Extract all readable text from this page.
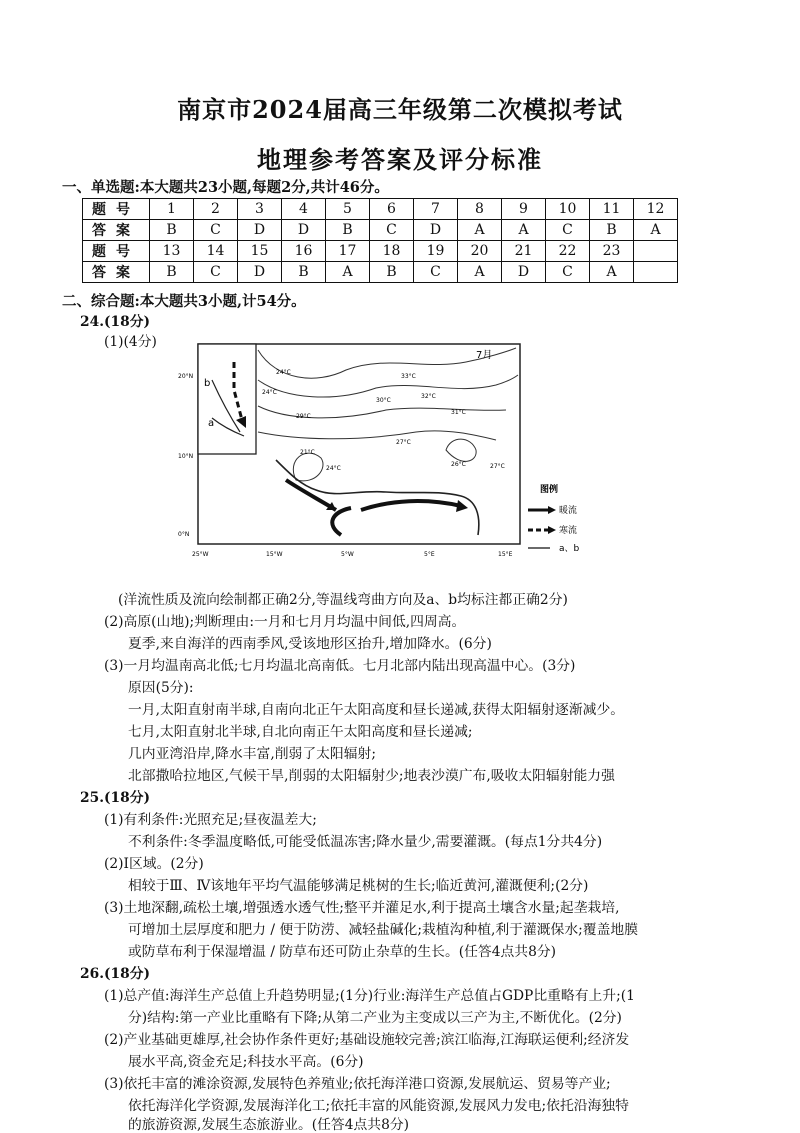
南京市2024届高三年级第二次模拟考试
地理参考答案及评分标准
一、单选题:本大题共23小题,每题2分,共计46分。
题号	1	2	3	4	5	6	7	8	9	10	11	12
答案	B	C	D	D	B	C	D	A	A	C	B	A
题号	13	14	15	16	17	18	19	20	21	22	23	
答案	B	C	D	B	A	B	C	A	D	C	A	
二、综合题:本大题共3小题,计54分。
24.(18分)
(1)(4分)
b
a
7月
33°C
32°C
31°C
30°C
29°C
27°C
21°C
24°C
26°C
24°C
27°C
24°C
20°N
10°N
0°N
25°W	15°W	5°W	5°E	15°E
图例
暖流
寒流
a、b
(洋流性质及流向绘制都正确2分,等温线弯曲方向及a、b均标注都正确2分)
(2)高原(山地);判断理由:一月和七月月均温中间低,四周高。
夏季,来自海洋的西南季风,受该地形区抬升,增加降水。(6分)
(3)一月均温南高北低;七月均温北高南低。七月北部内陆出现高温中心。(3分)
原因(5分):
一月,太阳直射南半球,自南向北正午太阳高度和昼长递减,获得太阳辐射逐渐减少。
七月,太阳直射北半球,自北向南正午太阳高度和昼长递减;
几内亚湾沿岸,降水丰富,削弱了太阳辐射;
北部撒哈拉地区,气候干旱,削弱的太阳辐射少;地表沙漠广布,吸收太阳辐射能力强
25.(18分)
(1)有利条件:光照充足;昼夜温差大;
不利条件:冬季温度略低,可能受低温冻害;降水量少,需要灌溉。(每点1分共4分)
(2)Ⅰ区域。(2分)
相较于Ⅲ、Ⅳ该地年平均气温能够满足桃树的生长;临近黄河,灌溉便利;(2分)
(3)土地深翻,疏松土壤,增强透水透气性;整平并灌足水,利于提高土壤含水量;起垄栽培,
可增加土层厚度和肥力 / 便于防涝、减轻盐碱化;栽植沟种植,利于灌溉保水;覆盖地膜
或防草布利于保湿增温 / 防草布还可防止杂草的生长。(任答4点共8分)
26.(18分)
(1)总产值:海洋生产总值上升趋势明显;(1分)行业:海洋生产总值占GDP比重略有上升;(1
分)结构:第一产业比重略有下降;从第二产业为主变成以三产为主,不断优化。(2分)
(2)产业基础更雄厚,社会协作条件更好;基础设施较完善;滨江临海,江海联运便利;经济发
展水平高,资金充足;科技水平高。(6分)
(3)依托丰富的滩涂资源,发展特色养殖业;依托海洋港口资源,发展航运、贸易等产业;
依托海洋化学资源,发展海洋化工;依托丰富的风能资源,发展风力发电;依托沿海独特
的旅游资源,发展生态旅游业。(任答4点共8分)
